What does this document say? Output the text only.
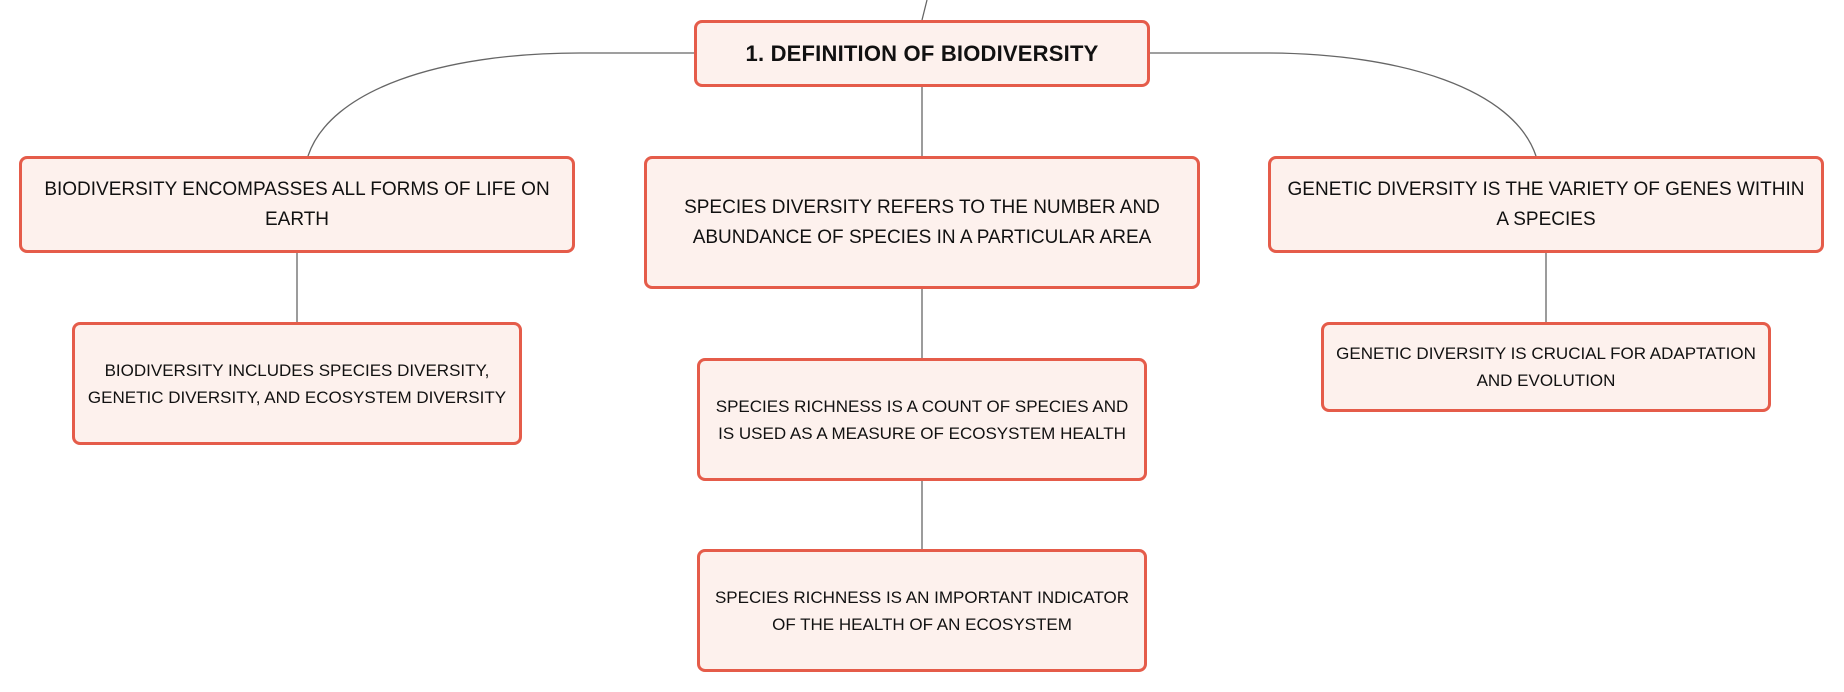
1. DEFINITION OF BIODIVERSITY
BIODIVERSITY ENCOMPASSES ALL FORMS OF LIFE ON EARTH
SPECIES DIVERSITY REFERS TO THE NUMBER AND ABUNDANCE OF SPECIES IN A PARTICULAR AREA
GENETIC DIVERSITY IS THE VARIETY OF GENES WITHIN A SPECIES
BIODIVERSITY INCLUDES SPECIES DIVERSITY, GENETIC DIVERSITY, AND ECOSYSTEM DIVERSITY	SPECIES RICHNESS IS A COUNT OF SPECIES AND IS USED AS A MEASURE OF ECOSYSTEM HEALTH
SPECIES RICHNESS IS AN IMPORTANT INDICATOR OF THE HEALTH OF AN ECOSYSTEM
GENETIC DIVERSITY IS CRUCIAL FOR ADAPTATION AND EVOLUTION
